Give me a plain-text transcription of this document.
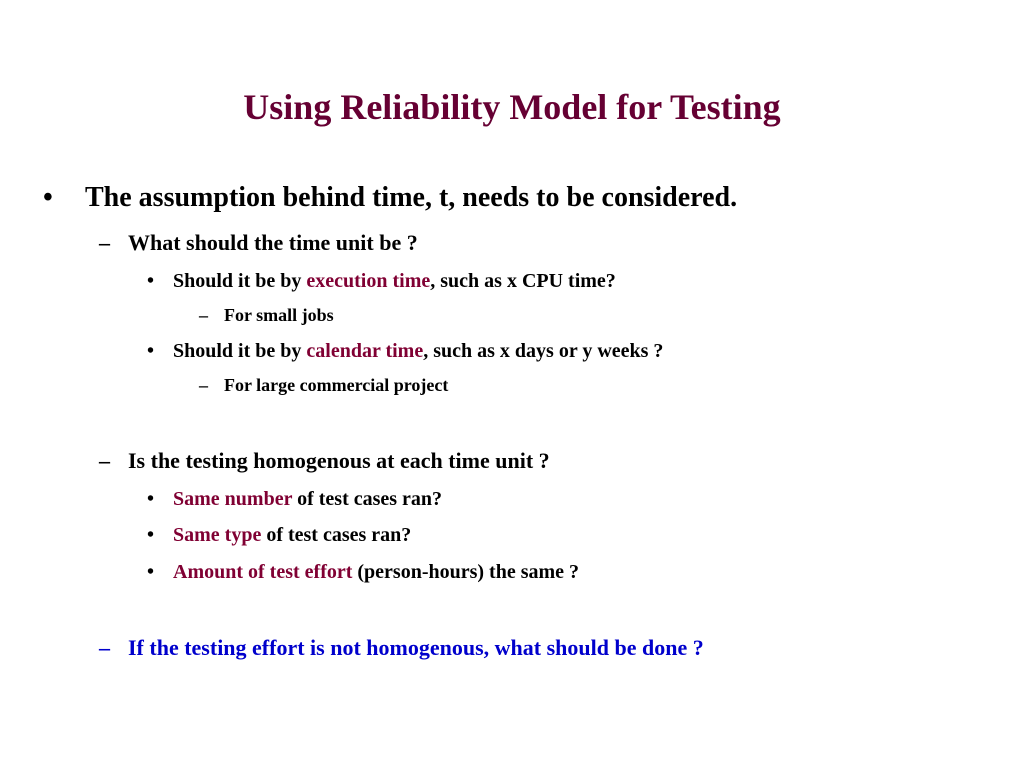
Using Reliability Model for Testing
• The assumption behind time, t, needs to be considered.
– What should the time unit be ?
• Should it be by execution time, such as x CPU time?
– For small jobs
• Should it be by calendar time, such as x days or y weeks ?
– For large commercial project
– Is the testing homogenous at each time unit ?
• Same number of test cases ran?
• Same type of test cases ran?
• Amount of test effort (person-hours) the same ?
– If the testing effort is not homogenous, what should be done ?
